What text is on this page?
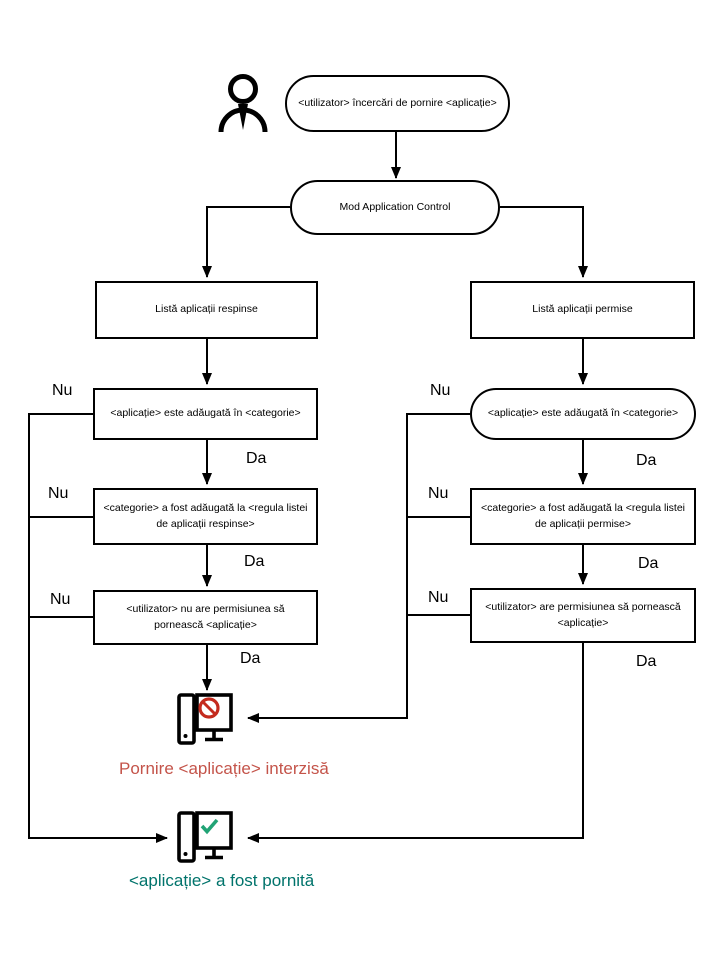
<utilizator> încercări de pornire <aplicație>
Mod Application Control
Listă aplicații respinse	Listă aplicații permise
<aplicație> este adăugată în <categorie>	<aplicație> este adăugată în <categorie>
<categorie> a fost adăugată la <regula listei de aplicații respinse>
<categorie> a fost adăugată la <regula listei de aplicații permise>
<utilizator> nu are permisiunea să pornească <aplicație>
<utilizator> are permisiunea să pornească <aplicație>
Nu
Nu
Nu
Nu
Nu
Nu
Da
Da
Da
Da
Da
Da
Pornire <aplicație> interzisă
<aplicație> a fost pornită
